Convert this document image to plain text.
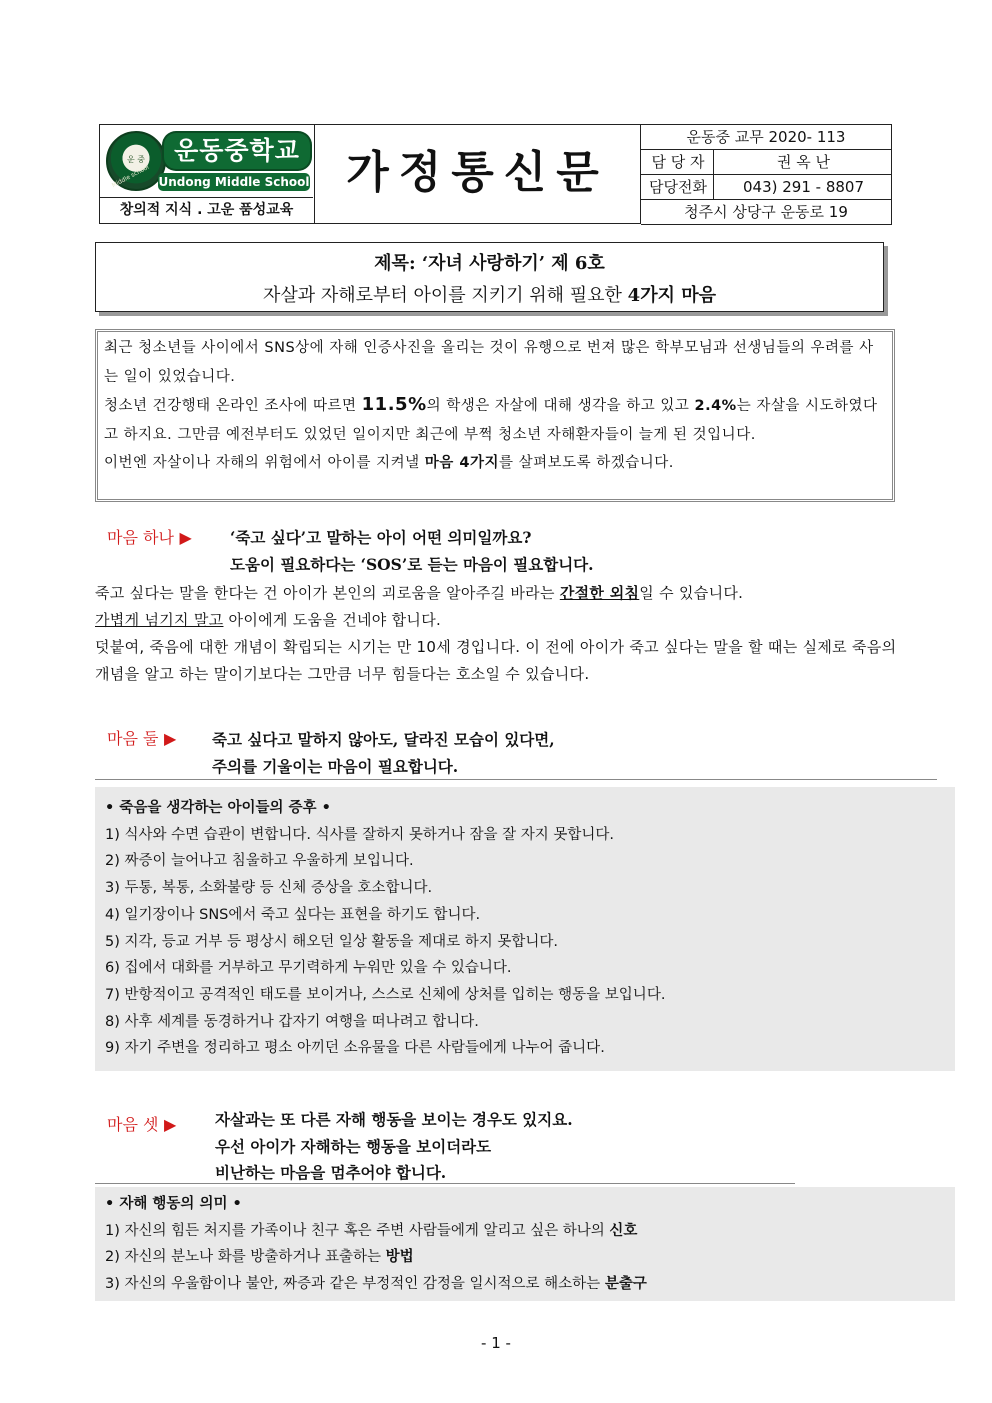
운 중
Middle school
운동중학교
Undong Middle School
창의적 지식 . 고운 품성교육
가정통신문
운동중 교무 2020- 113
담 당 자	권 옥 난
담당전화	043) 291 - 8807
청주시 상당구 운동로 19
제목: ‘자녀 사랑하기’ 제 6호
자살과 자해로부터 아이를 지키기 위해 필요한 4가지 마음

최근 청소년들 사이에서 SNS상에 자해 인증사진을 올리는 것이 유행으로 번져 많은 학부모님과 선생님들의 우려를 사는 일이 있었습니다.

청소년 건강행태 온라인 조사에 따르면 11.5%의 학생은 자살에 대해 생각을 하고 있고 2.4%는 자살을 시도하였다고 하지요. 그만큼 예전부터도 있었던 일이지만 최근에 부쩍 청소년 자해환자들이 늘게 된 것입니다.

이번엔 자살이나 자해의 위험에서 아이를 지켜낼 마음 4가지를 살펴보도록 하겠습니다.

마음 하나 ▶ ‘죽고 싶다’고 말하는 아이 어떤 의미일까요?
도움이 필요하다는 ‘SOS’로 듣는 마음이 필요합니다.

죽고 싶다는 말을 한다는 건 아이가 본인의 괴로움을 알아주길 바라는 간절한 외침일 수 있습니다.

가볍게 넘기지 말고 아이에게 도움을 건네야 합니다.

덧붙여, 죽음에 대한 개념이 확립되는 시기는 만 10세 경입니다. 이 전에 아이가 죽고 싶다는 말을 할 때는 실제로 죽음의 개념을 알고 하는 말이기보다는 그만큼 너무 힘들다는 호소일 수 있습니다.

마음 둘 ▶ 죽고 싶다고 말하지 않아도, 달라진 모습이 있다면,
주의를 기울이는 마음이 필요합니다.

• 죽음을 생각하는 아이들의 증후 •

1) 식사와 수면 습관이 변합니다. 식사를 잘하지 못하거나 잠을 잘 자지 못합니다.

2) 짜증이 늘어나고 침울하고 우울하게 보입니다.

3) 두통, 복통, 소화불량 등 신체 증상을 호소합니다.

4) 일기장이나 SNS에서 죽고 싶다는 표현을 하기도 합니다.

5) 지각, 등교 거부 등 평상시 해오던 일상 활동을 제대로 하지 못합니다.

6) 집에서 대화를 거부하고 무기력하게 누워만 있을 수 있습니다.

7) 반항적이고 공격적인 태도를 보이거나, 스스로 신체에 상처를 입히는 행동을 보입니다.

8) 사후 세계를 동경하거나 갑자기 여행을 떠나려고 합니다.

9) 자기 주변을 정리하고 평소 아끼던 소유물을 다른 사람들에게 나누어 줍니다.

마음 셋 ▶ 자살과는 또 다른 자해 행동을 보이는 경우도 있지요.
우선 아이가 자해하는 행동을 보이더라도
비난하는 마음을 멈추어야 합니다.

• 자해 행동의 의미 •

1) 자신의 힘든 처지를 가족이나 친구 혹은 주변 사람들에게 알리고 싶은 하나의 신호

2) 자신의 분노나 화를 방출하거나 표출하는 방법

3) 자신의 우울함이나 불안, 짜증과 같은 부정적인 감정을 일시적으로 해소하는 분출구

- 1 -
